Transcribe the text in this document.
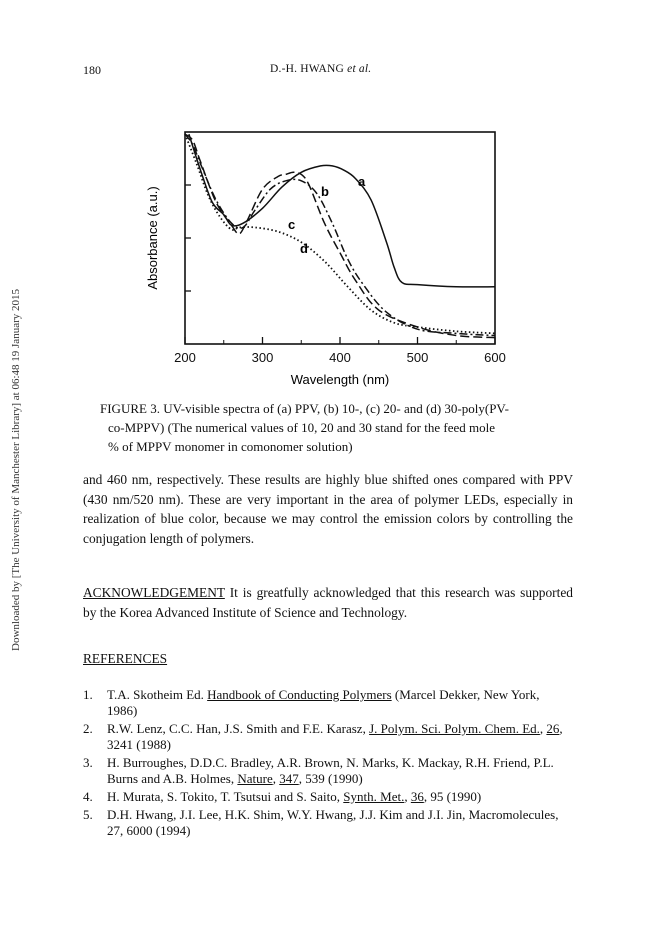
180	D.-H. HWANG et al.
Downloaded by [The University of Manchester Library] at 06:48 19 January 2015	200	300	400	500	600
Absorbance (a.u.)
Wavelength (nm)
a
b
c
d

FIGURE 3. UV-visible spectra of (a) PPV, (b) 10-, (c) 20- and (d) 30-poly(PV-

co-MPPV) (The numerical values of 10, 20 and 30 stand for the feed mole
% of MPPV monomer in comonomer solution)

and 460 nm, respectively. These results are highly blue shifted ones compared with PPV (430 nm/520 nm). These are very important in the area of polymer LEDs, especially in realization of blue color, because we may control the emission colors by controlling the conjugation length of polymers.

ACKNOWLEDGEMENT It is greatfully acknowledged that this research was supported by the Korea Advanced Institute of Science and Technology.

REFERENCES
1. T.A. Skotheim Ed. Handbook of Conducting Polymers (Marcel Dekker, New York, 1986)
2. R.W. Lenz, C.C. Han, J.S. Smith and F.E. Karasz, J. Polym. Sci. Polym. Chem. Ed., 26, 3241 (1988)
3. H. Burroughes, D.D.C. Bradley, A.R. Brown, N. Marks, K. Mackay, R.H. Friend, P.L. Burns and A.B. Holmes, Nature, 347, 539 (1990)
4. H. Murata, S. Tokito, T. Tsutsui and S. Saito, Synth. Met., 36, 95 (1990)
5. D.H. Hwang, J.I. Lee, H.K. Shim, W.Y. Hwang, J.J. Kim and J.I. Jin, Macromolecules, 27, 6000 (1994)
